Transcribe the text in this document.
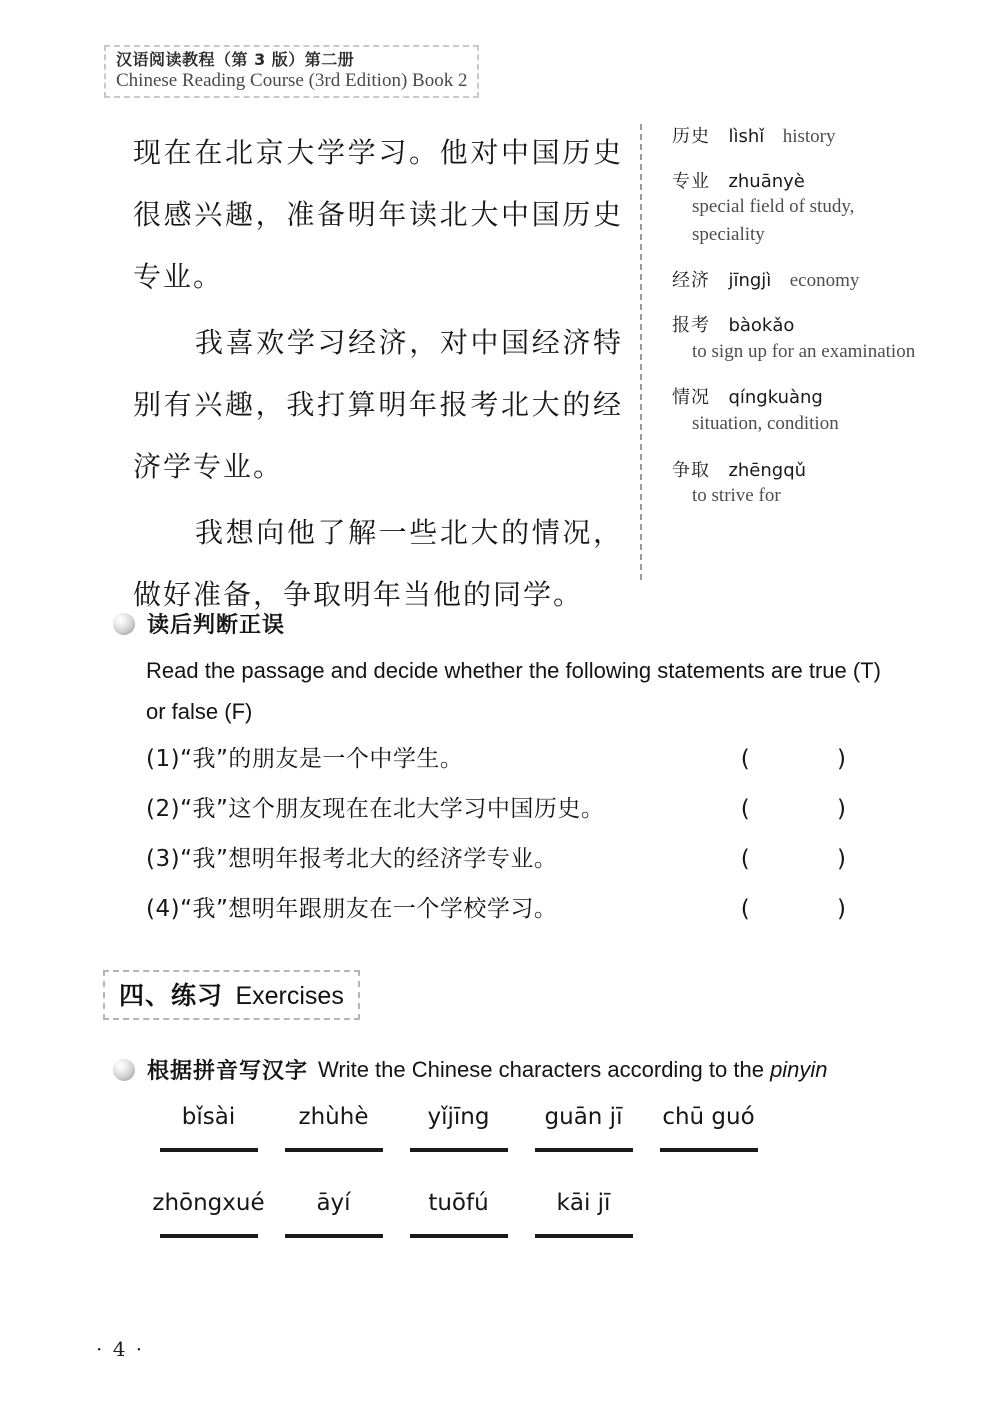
汉语阅读教程（第 3 版）第二册
Chinese Reading Course (3rd Edition) Book 2

现在在北京大学学习。他对中国历史很感兴趣，准备明年读北大中国历史专业。

我喜欢学习经济，对中国经济特别有兴趣，我打算明年报考北大的经济学专业。

我想向他了解一些北大的情况，做好准备，争取明年当他的同学。

历史 lìshǐ history
专业 zhuānyè
special field of study, speciality
经济 jīngjì economy
报考 bàokǎo
to sign up for an examination
情况 qíngkuàng
situation, condition
争取 zhēngqǔ
to strive for
读后判断正误
Read the passage and decide whether the following statements are true (T) or false (F)
(1) “我”的朋友是一个中学生。	( )
(2) “我”这个朋友现在在北大学习中国历史。	( )
(3) “我”想明年报考北大的经济学专业。	( )
(4) “我”想明年跟朋友在一个学校学习。	( )
四、练习 Exercises
根据拼音写汉字 Write the Chinese characters according to the pinyin
bǐsài	zhùhè	yǐjīng	guān jī	chū guó
zhōngxué	āyí	tuōfú	kāi jī
· 4 ·
